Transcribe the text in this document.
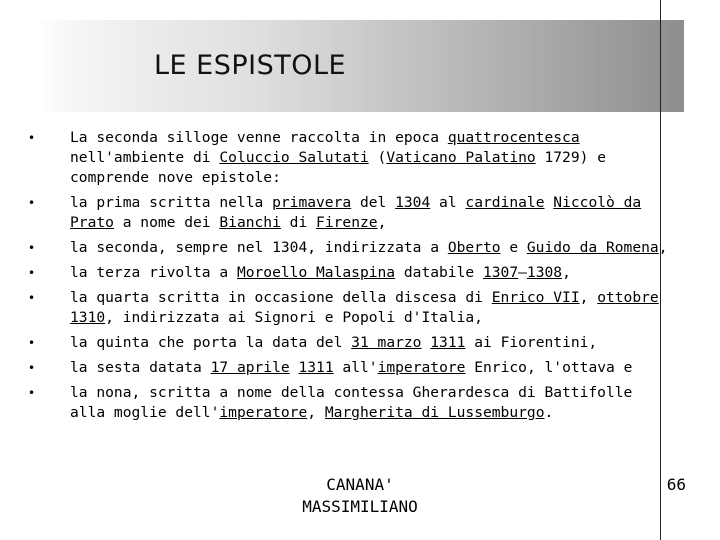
LE ESPISTOLE
• La seconda silloge venne raccolta in epoca quattrocentesca nell'ambiente di Coluccio Salutati (Vaticano Palatino 1729) e comprende nove epistole:
• la prima scritta nella primavera del 1304 al cardinale Niccolò da Prato a nome dei Bianchi di Firenze,
• la seconda, sempre nel 1304, indirizzata a Oberto e Guido da Romena,
• la terza rivolta a Moroello Malaspina databile 1307–1308,
• la quarta scritta in occasione della discesa di Enrico VII, ottobre 1310, indirizzata ai Signori e Popoli d'Italia,
• la quinta che porta la data del 31 marzo 1311 ai Fiorentini,
• la sesta datata 17 aprile 1311 all'imperatore Enrico, l'ottava e
• la nona, scritta a nome della contessa Gherardesca di Battifolle alla moglie dell'imperatore, Margherita di Lussemburgo.
CANANA'
MASSIMILIANO
66
